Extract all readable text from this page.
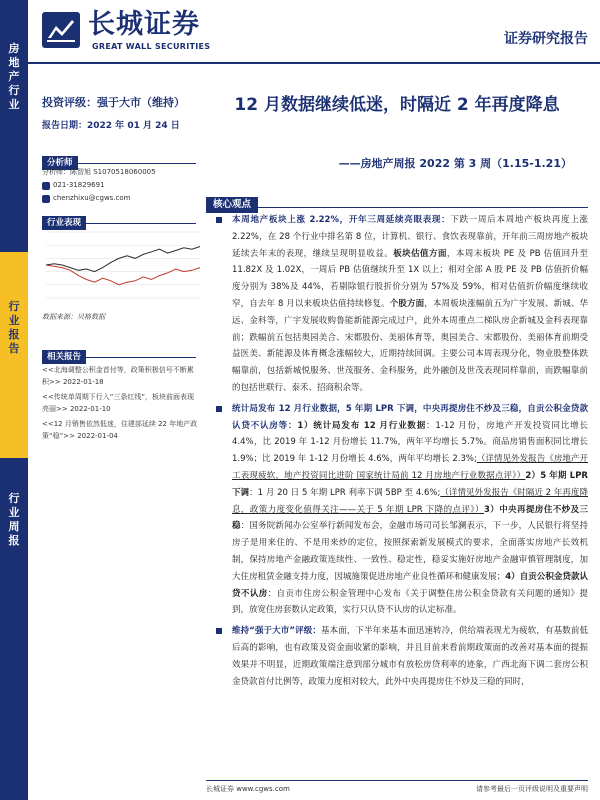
房
地
产
行
业
行
业
报
告
行
业
周
报
长城证券
GREAT WALL SECURITIES	证券研究报告
投资评级：强于大市（维持）
报告日期：2022 年 01 月 24 日
12 月数据继续低迷，时隔近 2 年再度降息
——房地产周报 2022 第 3 周（1.15-1.21）
分析师
分析师：陈智旭 S1070518060005
021-31829691
chenzhixu@cgws.com
行业表现
数据来源：贝格数据
相关报告

<<北海调整公积金首付等，政策积极信号不断累积>> 2022-01-18

<<传统单周期下行入“三条红线”，板块前面表现亮丽>> 2022-01-10

<<12 月销售依然低迷，住建部延续 22 年地产政策“稳”>> 2022-01-04

核心观点
本周地产板块上涨 2.22%，开年三周延续亮眼表现：下跌一周后本周地产板块再度上涨 2.22%，在 28 个行业中排名第 8 位，计算机、银行、食饮表现靠前，开年前三周房地产板块延续去年末的表现，继续呈现明显收益。板块估值方面，本周末板块 PE 及 PB 估值回升至 11.82X 及 1.02X，一周后 PB 估值继续升至 1X 以上；相对全部 A 股 PE 及 PB 估值折价幅度分别为 38%及 44%，若剔除银行股折价分别为 57%及 59%，相对估值折价幅度继续收窄，自去年 8 月以来板块估值持续修复。个股方面，本周板块涨幅前五为广宇发展、新城、华远、金科等，广宇发展收购鲁能新能源完成过户，此外本周重点二梯队房企新城及金科表现靠前；跌幅前五包括奥园美合、宋都股份、美丽体育等，奥园美合、宋都股份、美丽体育前期受益医美、新能源及体育概念涨幅较大，近期持续回调。主要公司本周表现分化，物业股整体跌幅靠前，包括新城悦服务、世茂服务、金科服务，此外融创及世茂表现同样靠前，而跌幅靠前的包括世联行、泰禾、招商积余等。
统计局发布 12 月行业数据，5 年期 LPR 下调，中央再提房住不炒及三稳，自贡公积金贷款认贷不认房等：1）统计局发布 12 月行业数据：1-12 月份，房地产开发投资同比增长 4.4%，比 2019 年 1-12 月份增长 11.7%，两年平均增长 5.7%。商品房销售面积同比增长 1.9%；比 2019 年 1-12 月份增长 4.6%，两年平均增长 2.3%;（详情见外发报告《房地产开工表现疲软，地产投资同比进阶 国家统计局前 12 月房地产行业数据点评》）2）5 年期 LPR 下调：1 月 20 日 5 年期 LPR 利率下调 5BP 至 4.6%;（详情见外发报告《时隔近 2 年再度降息，政策力度变化值得关注——关于 5 年期 LPR 下降的点评》）3）中央再提房住不炒及三稳：国务院新闻办公室举行新闻发布会，金融市场司司长邹澜表示，下一步，人民银行将坚持房子是用来住的、不是用来炒的定位，按照探索新发展模式的要求，全面落实房地产长效机制，保持房地产金融政策连续性、一致性、稳定性，稳妥实施好房地产金融审慎管理制度，加大住房租赁金融支持力度，因城施策促进房地产业良性循环和健康发展；4）自贡公积金贷款认贷不认房：自贡市住房公积金管理中心发布《关于调整住房公积金贷款有关问题的通知》提到，放宽住房套数认定政策，实行只认贷不认房的认定标准。
维持“强于大市”评级：基本面，下半年来基本面迅速转冷，供给端表现尤为疲软，有基数前低后高的影响，也有政策及资金面收紧的影响，并且目前来看前期政策面的改善对基本面的提振效果并不明显，近期政策端注意到部分城市有放松房贷利率的迹象，广西北海下调二套房公积金贷款首付比例等，政策力度相对较大，此外中央再提房住不炒及三稳的同时，
长城证券 www.cgws.com	请参考最后一页评级说明及重要声明
